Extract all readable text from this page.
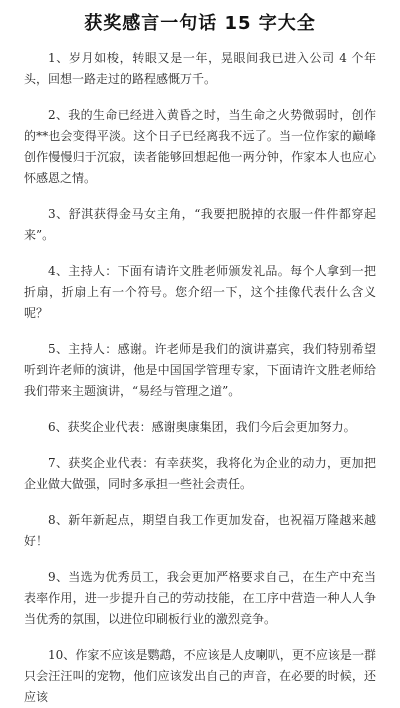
获奖感言一句话 15 字大全

1、岁月如梭，转眼又是一年，晃眼间我已进入公司 4 个年头，回想一路走过的路程感慨万千。

2、我的生命已经进入黄昏之时，当生命之火势微弱时，创作的**也会变得平淡。这个日子已经离我不远了。当一位作家的巅峰创作慢慢归于沉寂，读者能够回想起他一两分钟，作家本人也应心怀感恩之情。

3、舒淇获得金马女主角，“我要把脱掉的衣服一件件都穿起来”。

4、主持人：下面有请许文胜老师颁发礼品。每个人拿到一把折扇，折扇上有一个符号。您介绍一下，这个挂像代表什么含义呢？

5、主持人：感谢。许老师是我们的演讲嘉宾，我们特别希望听到许老师的演讲，他是中国国学管理专家，下面请许文胜老师给我们带来主题演讲，“易经与管理之道”。

6、获奖企业代表：感谢奥康集团，我们今后会更加努力。

7、获奖企业代表：有幸获奖，我将化为企业的动力，更加把企业做大做强，同时多承担一些社会责任。

8、新年新起点，期望自我工作更加发奋，也祝福万隆越来越好！

9、当选为优秀员工，我会更加严格要求自己，在生产中充当表率作用，进一步提升自己的劳动技能，在工序中营造一种人人争当优秀的氛围，以进位印刷板行业的激烈竞争。

10、作家不应该是鹦鹉，不应该是人皮喇叭，更不应该是一群只会汪汪叫的宠物，他们应该发出自己的声音，在必要的时候，还应该
